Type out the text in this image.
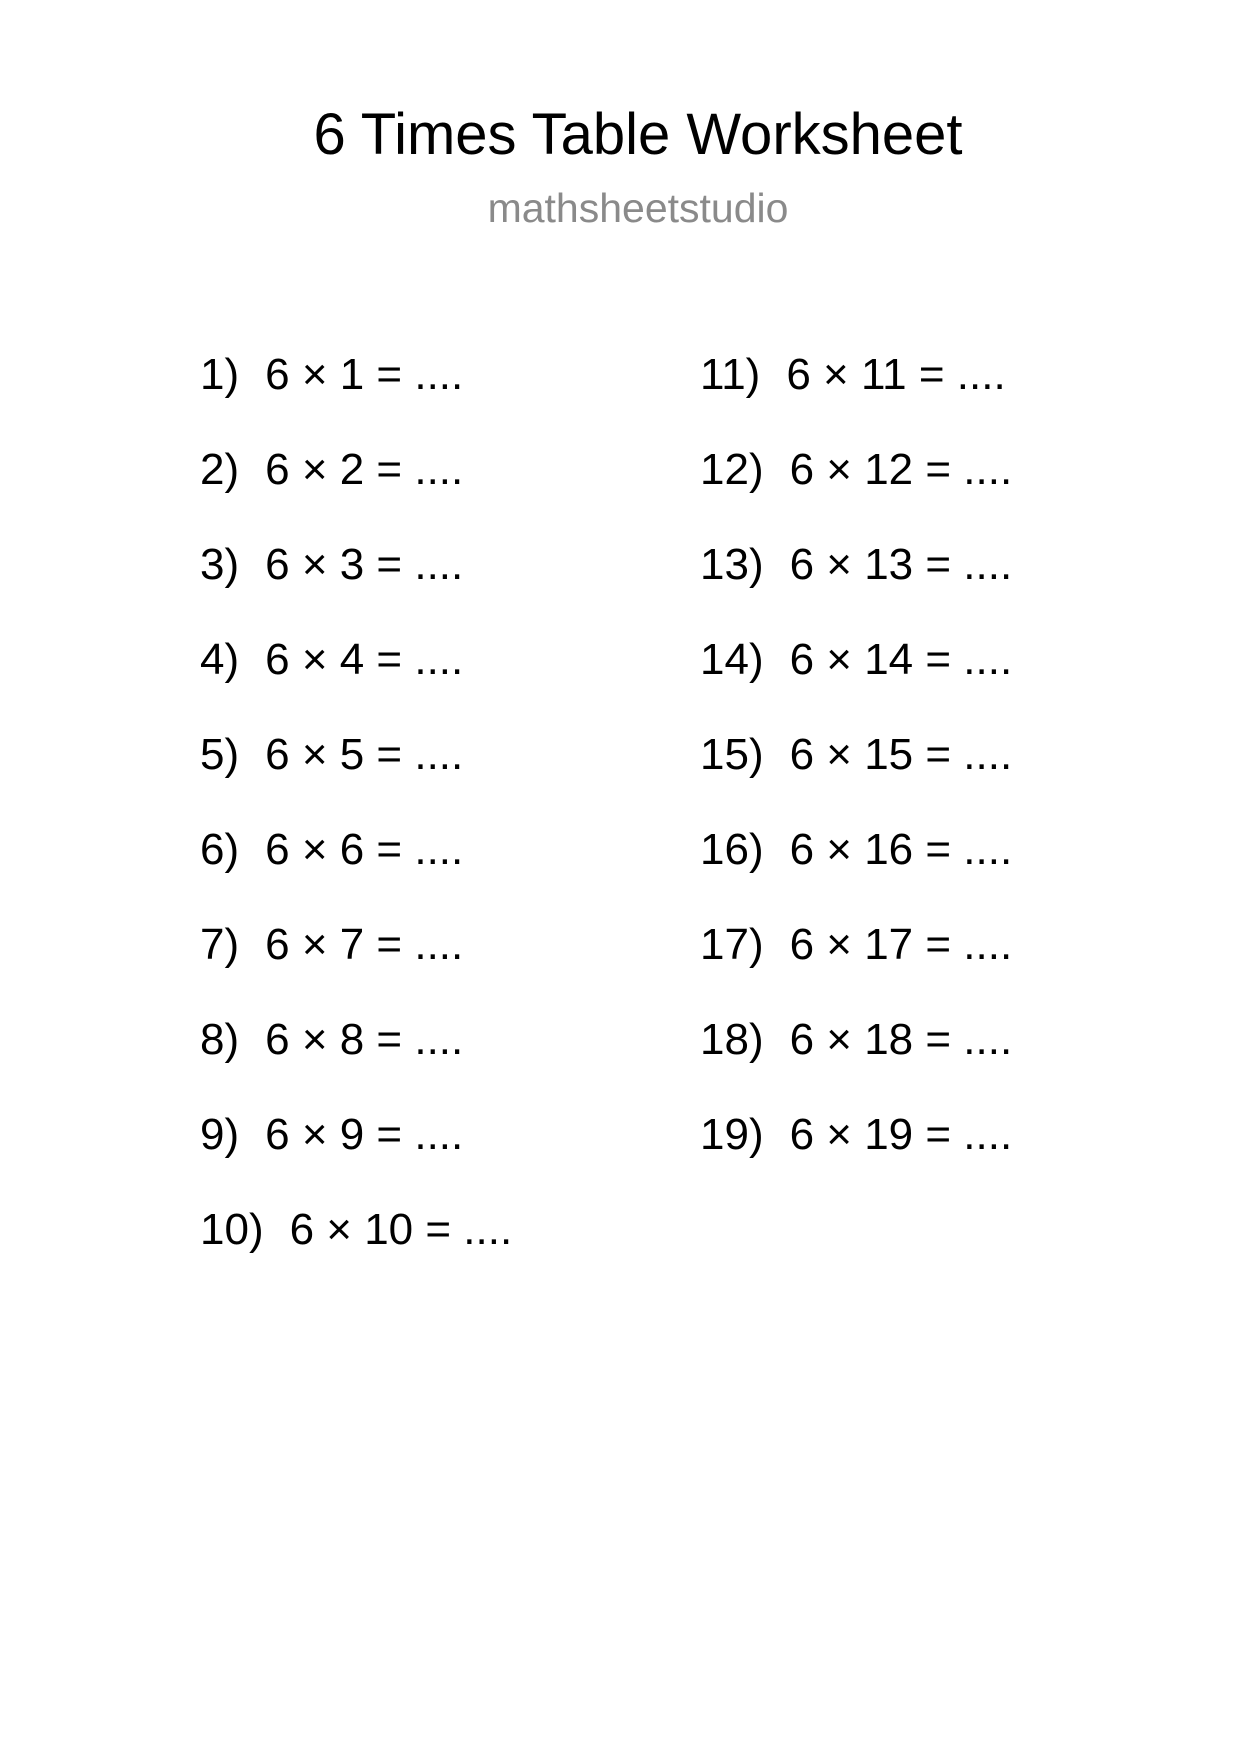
6 Times Table Worksheet
mathsheetstudio
1) 6 × 1 = ....
2) 6 × 2 = ....
3) 6 × 3 = ....
4) 6 × 4 = ....
5) 6 × 5 = ....
6) 6 × 6 = ....
7) 6 × 7 = ....
8) 6 × 8 = ....
9) 6 × 9 = ....
10) 6 × 10 = ....
11) 6 × 11 = ....
12) 6 × 12 = ....
13) 6 × 13 = ....
14) 6 × 14 = ....
15) 6 × 15 = ....
16) 6 × 16 = ....
17) 6 × 17 = ....
18) 6 × 18 = ....
19) 6 × 19 = ....
